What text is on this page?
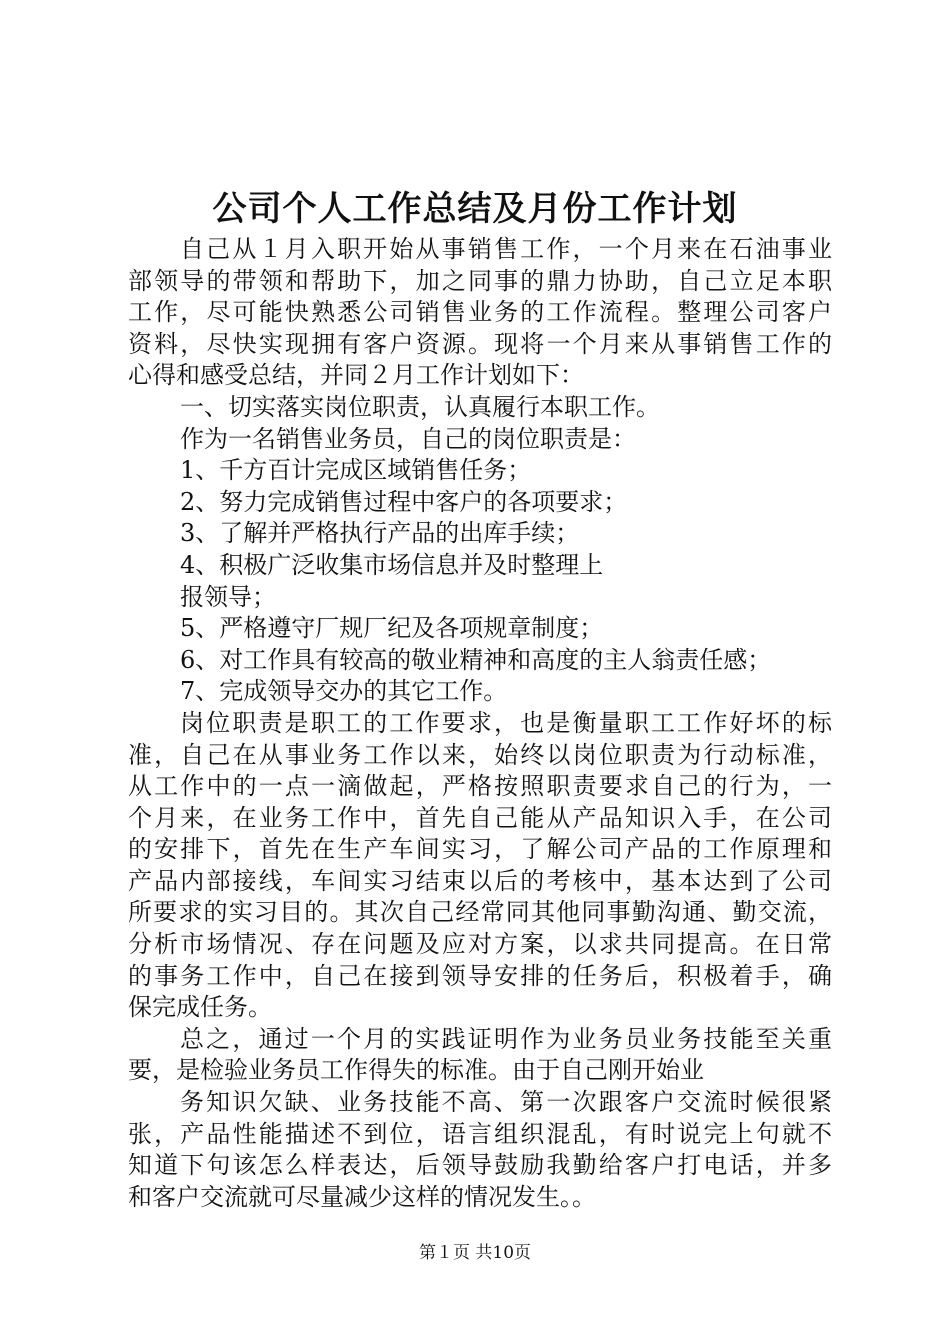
公司个人工作总结及月份工作计划
自己从１月入职开始从事销售工作，一个月来在石油事业
部领导的带领和帮助下，加之同事的鼎力协助，自己立足本职
工作，尽可能快熟悉公司销售业务的工作流程。整理公司客户
资料，尽快实现拥有客户资源。现将一个月来从事销售工作的
心得和感受总结，并同２月工作计划如下：
一、切实落实岗位职责，认真履行本职工作。
作为一名销售业务员，自己的岗位职责是：
1、千方百计完成区域销售任务；
2、努力完成销售过程中客户的各项要求；
3、了解并严格执行产品的出库手续；
4、积极广泛收集市场信息并及时整理上
报领导；
5、严格遵守厂规厂纪及各项规章制度；
6、对工作具有较高的敬业精神和高度的主人翁责任感；
7、完成领导交办的其它工作。
岗位职责是职工的工作要求，也是衡量职工工作好坏的标
准，自己在从事业务工作以来，始终以岗位职责为行动标准，
从工作中的一点一滴做起，严格按照职责要求自己的行为，一
个月来，在业务工作中，首先自己能从产品知识入手，在公司
的安排下，首先在生产车间实习，了解公司产品的工作原理和
产品内部接线，车间实习结束以后的考核中，基本达到了公司
所要求的实习目的。其次自己经常同其他同事勤沟通、勤交流，
分析市场情况、存在问题及应对方案，以求共同提高。在日常
的事务工作中，自己在接到领导安排的任务后，积极着手，确
保完成任务。
总之，通过一个月的实践证明作为业务员业务技能至关重
要，是检验业务员工作得失的标准。由于自己刚开始业
务知识欠缺、业务技能不高、第一次跟客户交流时候很紧
张，产品性能描述不到位，语言组织混乱，有时说完上句就不
知道下句该怎么样表达，后领导鼓励我勤给客户打电话，并多
和客户交流就可尽量减少这样的情况发生。。
第１页 共10页
